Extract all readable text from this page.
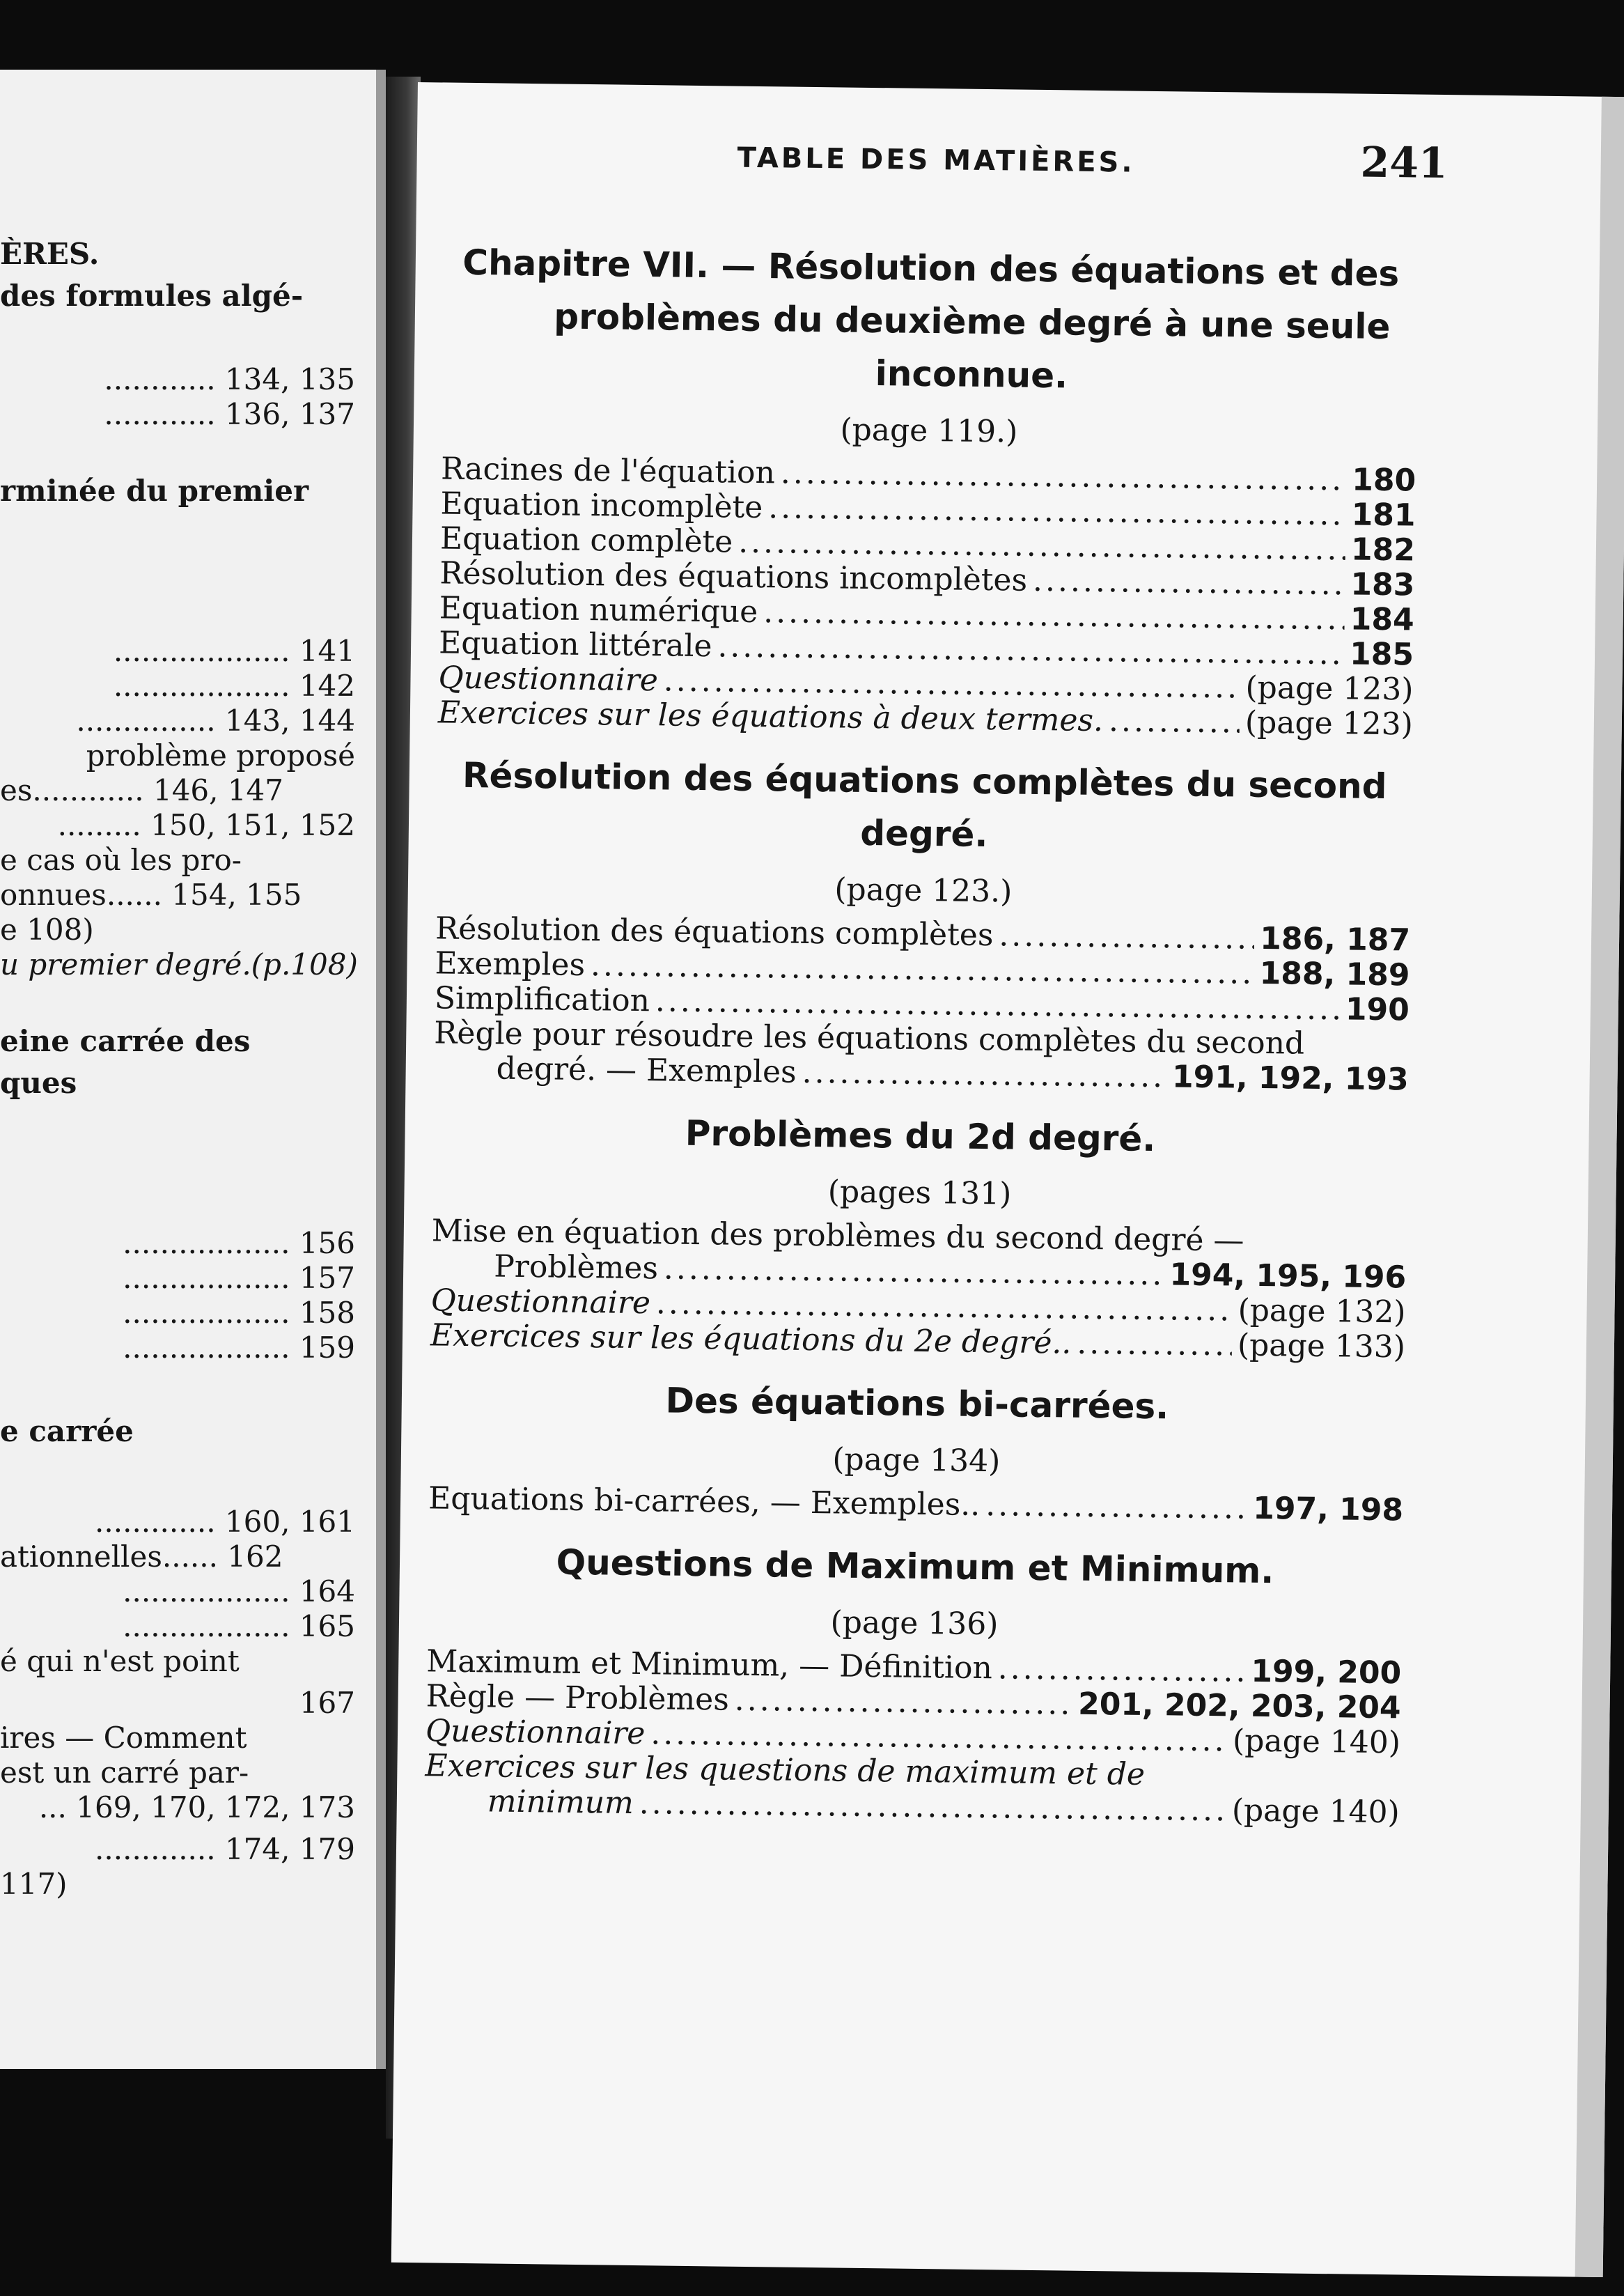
ÈRES.
des formules algé-
............ 134, 135
............ 136, 137
rminée du premier
................... 141
................... 142
............... 143, 144
problème proposé
es............ 146, 147
......... 150, 151, 152
e cas où les pro-
onnues...... 154, 155
e 108)
u premier degré.(p.108)
eine carrée des
ques
.................. 156
.................. 157
.................. 158
.................. 159
e carrée
............. 160, 161
ationnelles...... 162
.................. 164
.................. 165
é qui n'est point
167
ires — Comment
est un carré par-
... 169, 170, 172, 173
............. 174, 179
117)
TABLE DES MATIÈRES.	241
Chapitre VII. — Résolution des équations et des problèmes du deuxième degré à une seule inconnue.
(page 119.)
Racines de l'équation .....	180
Equation incomplète .....	181
Equation complète .....	182
Résolution des équations incomplètes .....	183
Equation numérique .....	184
Equation littérale .....	185
Questionnaire .....	(page 123)
Exercices sur les équations à deux termes. .....	(page 123)
Résolution des équations complètes du second degré.
(page 123.)
Résolution des équations complètes .....	186, 187
Exemples .....	188, 189
Simplification .....	190
Règle pour résoudre les équations complètes du second
degré. — Exemples .....	191, 192, 193
Problèmes du 2d degré.
(pages 131)
Mise en équation des problèmes du second degré —
Problèmes .....	194, 195, 196
Questionnaire .....	(page 132)
Exercices sur les équations du 2e degré.. .....	(page 133)
Des équations bi-carrées.
(page 134)
Equations bi-carrées, — Exemples.. .....	197, 198
Questions de Maximum et Minimum.
(page 136)
Maximum et Minimum, — Définition .....	199, 200
Règle — Problèmes .....	201, 202, 203, 204
Questionnaire .....	(page 140)
Exercices sur les questions de maximum et de
minimum .....	(page 140)
